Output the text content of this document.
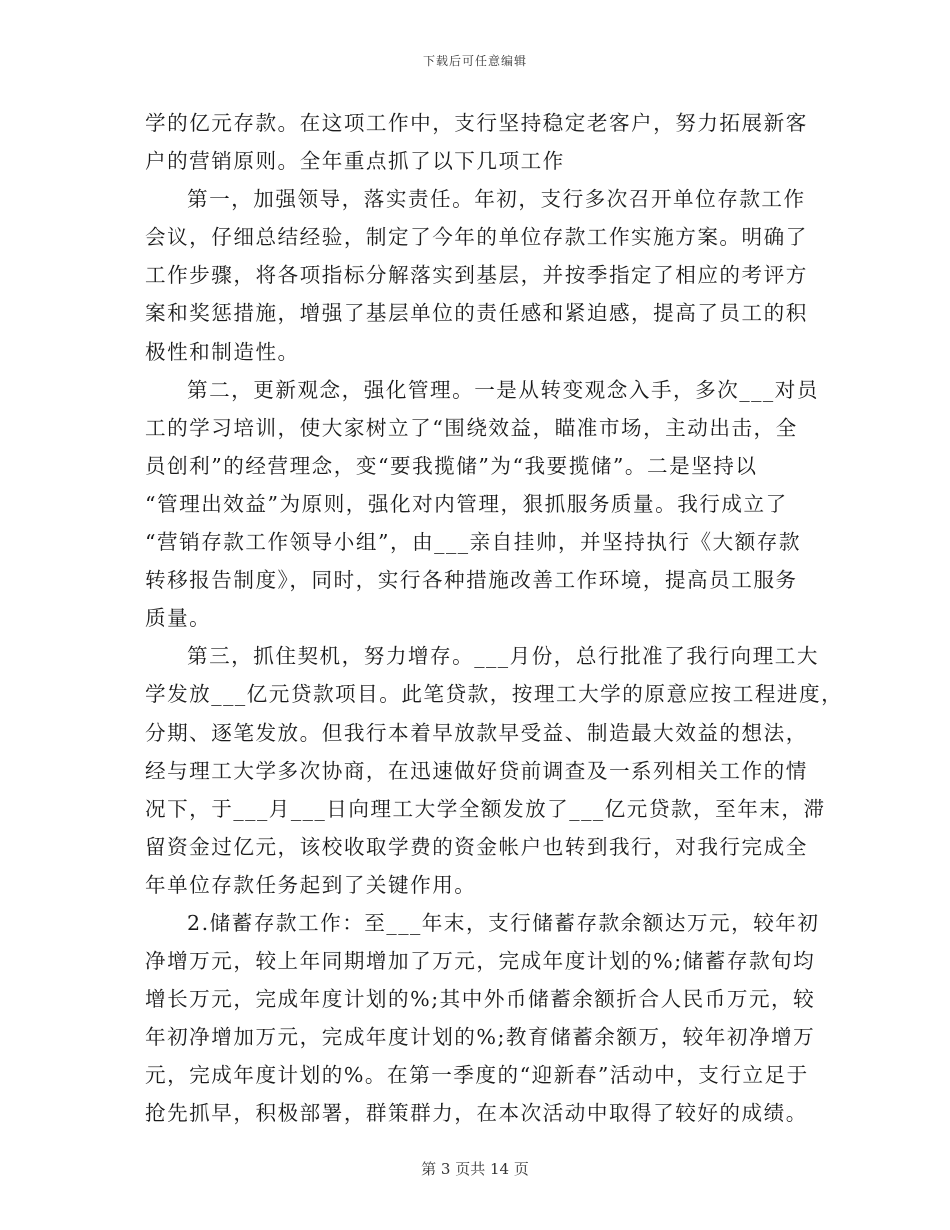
下载后可任意编辑
学的亿元存款。在这项工作中，支行坚持稳定老客户，努力拓展新客
户的营销原则。全年重点抓了以下几项工作
第一，加强领导，落实责任。年初，支行多次召开单位存款工作
会议，仔细总结经验，制定了今年的单位存款工作实施方案。明确了
工作步骤，将各项指标分解落实到基层，并按季指定了相应的考评方
案和奖惩措施，增强了基层单位的责任感和紧迫感，提高了员工的积
极性和制造性。
第二，更新观念，强化管理。一是从转变观念入手，多次___对员
工的学习培训，使大家树立了“围绕效益，瞄准市场，主动出击，全
员创利”的经营理念，变“要我揽储”为“我要揽储”。二是坚持以
“管理出效益”为原则，强化对内管理，狠抓服务质量。我行成立了
“营销存款工作领导小组”，由___亲自挂帅，并坚持执行《大额存款
转移报告制度》，同时，实行各种措施改善工作环境，提高员工服务
质量。
第三，抓住契机，努力增存。___月份，总行批准了我行向理工大
学发放___亿元贷款项目。此笔贷款，按理工大学的原意应按工程进度，
分期、逐笔发放。但我行本着早放款早受益、制造最大效益的想法，
经与理工大学多次协商，在迅速做好贷前调查及一系列相关工作的情
况下，于___月___日向理工大学全额发放了___亿元贷款，至年末，滞
留资金过亿元，该校收取学费的资金帐户也转到我行，对我行完成全
年单位存款任务起到了关键作用。
2.储蓄存款工作：至___年末，支行储蓄存款余额达万元，较年初
净增万元，较上年同期增加了万元，完成年度计划的%;储蓄存款旬均
增长万元，完成年度计划的%;其中外币储蓄余额折合人民币万元，较
年初净增加万元，完成年度计划的%;教育储蓄余额万，较年初净增万
元，完成年度计划的%。在第一季度的“迎新春”活动中，支行立足于
抢先抓早，积极部署，群策群力，在本次活动中取得了较好的成绩。
第 3 页共 14 页
